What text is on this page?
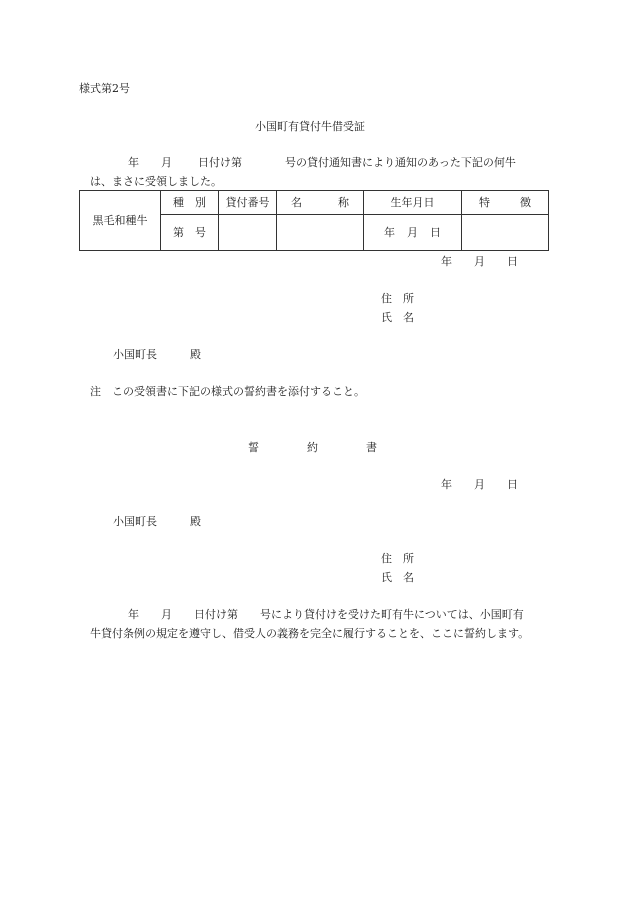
様式第2号
小国町有貸付牛借受証
年 月 日付け第	号の貸付通知書により通知のあった下記の何牛
は、まさに受領しました。
黒毛和種牛	種　別	貸付番号	名 称	生年月日	特 徴
	第　号			年 月 日	
年 月 日
住　所
氏　名
小国町長	殿
注　この受領書に下記の様式の誓約書を添付すること。
誓	約	書
年 月 日
小国町長	殿
住　所
氏　名
年 月 日付け第 号により貸付けを受けた町有牛については、小国町有
牛貸付条例の規定を遵守し、借受人の義務を完全に履行することを、ここに誓約します。
